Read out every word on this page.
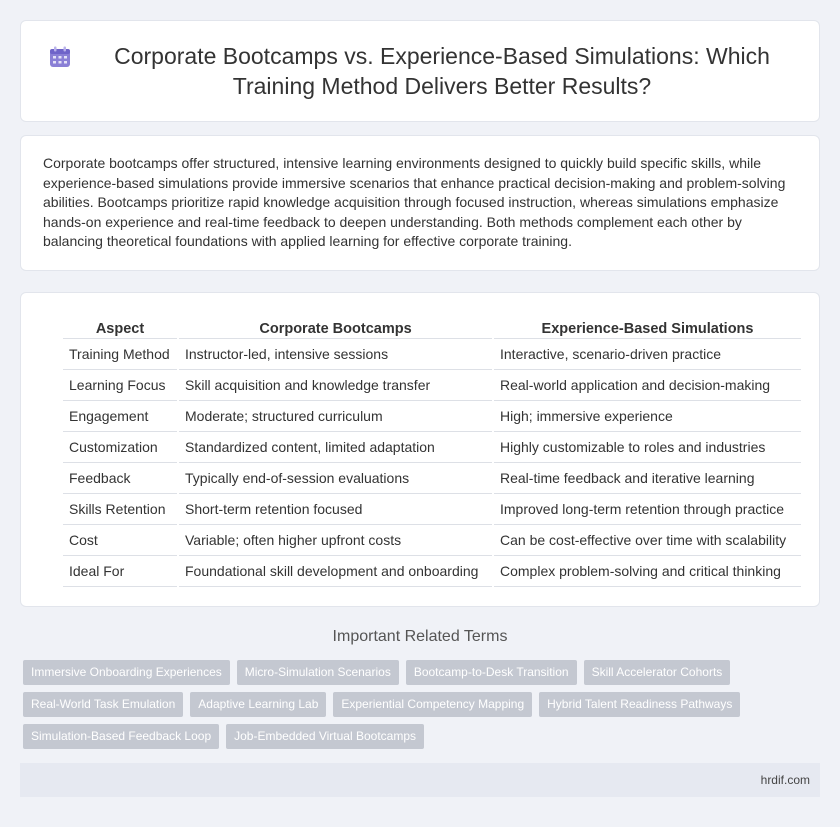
Corporate Bootcamps vs. Experience-Based Simulations: Which Training Method Delivers Better Results?

Corporate bootcamps offer structured, intensive learning environments designed to quickly build specific skills, while experience-based simulations provide immersive scenarios that enhance practical decision-making and problem-solving abilities. Bootcamps prioritize rapid knowledge acquisition through focused instruction, whereas simulations emphasize hands-on experience and real-time feedback to deepen understanding. Both methods complement each other by balancing theoretical foundations with applied learning for effective corporate training.

Aspect	Corporate Bootcamps	Experience-Based Simulations
Training Method	Instructor-led, intensive sessions	Interactive, scenario-driven practice
Learning Focus	Skill acquisition and knowledge transfer	Real-world application and decision-making
Engagement	Moderate; structured curriculum	High; immersive experience
Customization	Standardized content, limited adaptation	Highly customizable to roles and industries
Feedback	Typically end-of-session evaluations	Real-time feedback and iterative learning
Skills Retention	Short-term retention focused	Improved long-term retention through practice
Cost	Variable; often higher upfront costs	Can be cost-effective over time with scalability
Ideal For	Foundational skill development and onboarding	Complex problem-solving and critical thinking
Important Related Terms
Immersive Onboarding Experiences	Micro-Simulation Scenarios	Bootcamp-to-Desk Transition	Skill Accelerator Cohorts
Real-World Task Emulation	Adaptive Learning Lab	Experiential Competency Mapping	Hybrid Talent Readiness Pathways
Simulation-Based Feedback Loop	Job-Embedded Virtual Bootcamps
hrdif.com
